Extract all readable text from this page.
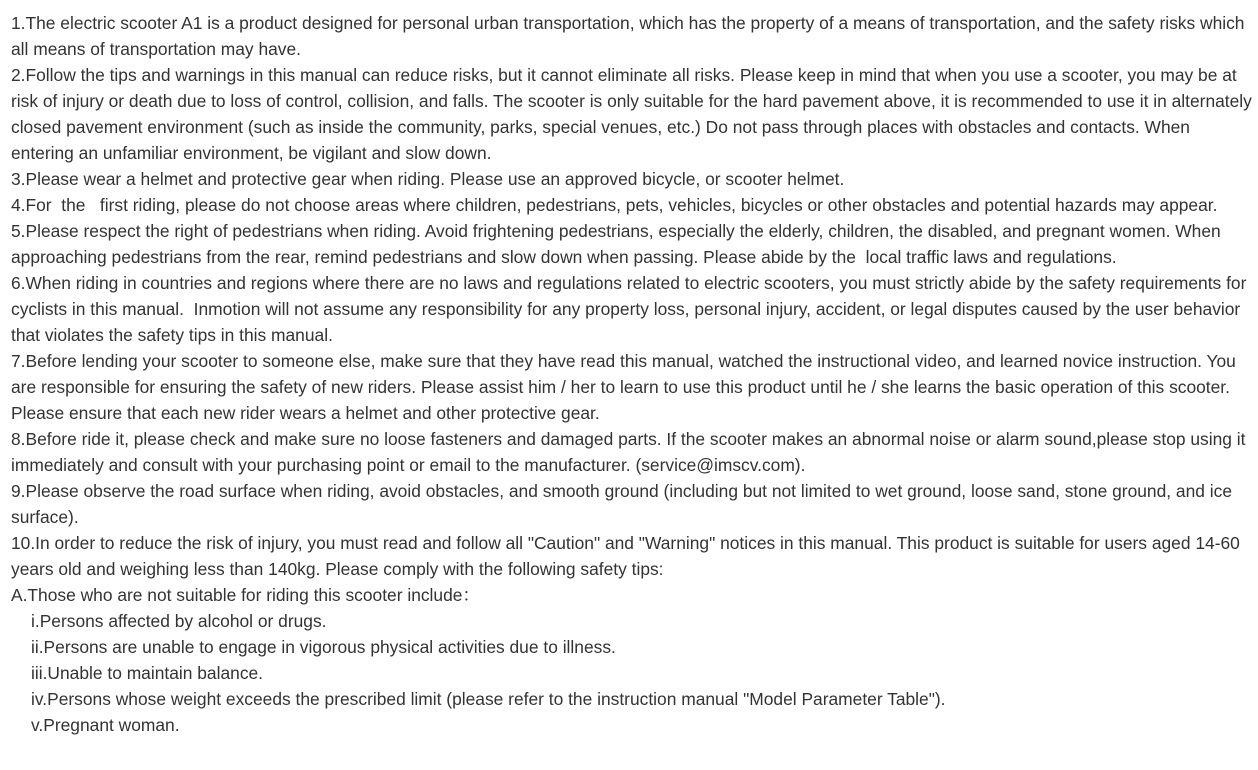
1.The electric scooter A1 is a product designed for personal urban transportation, which has the property of a means of transportation, and the safety risks which all means of transportation may have.

2.Follow the tips and warnings in this manual can reduce risks, but it cannot eliminate all risks. Please keep in mind that when you use a scooter, you may be at risk of injury or death due to loss of control, collision, and falls. The scooter is only suitable for the hard pavement above, it is recommended to use it in alternately closed pavement environment (such as inside the community, parks, special venues, etc.) Do not pass through places with obstacles and contacts. When entering an unfamiliar environment, be vigilant and slow down.

3.Please wear a helmet and protective gear when riding. Please use an approved bicycle, or scooter helmet.

4.For  the   first riding, please do not choose areas where children, pedestrians, pets, vehicles, bicycles or other obstacles and potential hazards may appear.

5.Please respect the right of pedestrians when riding. Avoid frightening pedestrians, especially the elderly, children, the disabled, and pregnant women. When approaching pedestrians from the rear, remind pedestrians and slow down when passing. Please abide by the  local traffic laws and regulations.

6.When riding in countries and regions where there are no laws and regulations related to electric scooters, you must strictly abide by the safety requirements for cyclists in this manual.  Inmotion will not assume any responsibility for any property loss, personal injury, accident, or legal disputes caused by the user behavior that violates the safety tips in this manual.

7.Before lending your scooter to someone else, make sure that they have read this manual, watched the instructional video, and learned novice instruction. You are responsible for ensuring the safety of new riders. Please assist him / her to learn to use this product until he / she learns the basic operation of this scooter. Please ensure that each new rider wears a helmet and other protective gear.

8.Before ride it, please check and make sure no loose fasteners and damaged parts. If the scooter makes an abnormal noise or alarm sound,please stop using it immediately and consult with your purchasing point or email to the manufacturer. (service@imscv.com).

9.Please observe the road surface when riding, avoid obstacles, and smooth ground (including but not limited to wet ground, loose sand, stone ground, and ice surface).

10.In order to reduce the risk of injury, you must read and follow all "Caution" and "Warning" notices in this manual. This product is suitable for users aged 14-60 years old and weighing less than 140kg. Please comply with the following safety tips:

A.Those who are not suitable for riding this scooter include：

i.Persons affected by alcohol or drugs.

ii.Persons are unable to engage in vigorous physical activities due to illness.

iii.Unable to maintain balance.

iv.Persons whose weight exceeds the prescribed limit (please refer to the instruction manual "Model Parameter Table").

v.Pregnant woman.
